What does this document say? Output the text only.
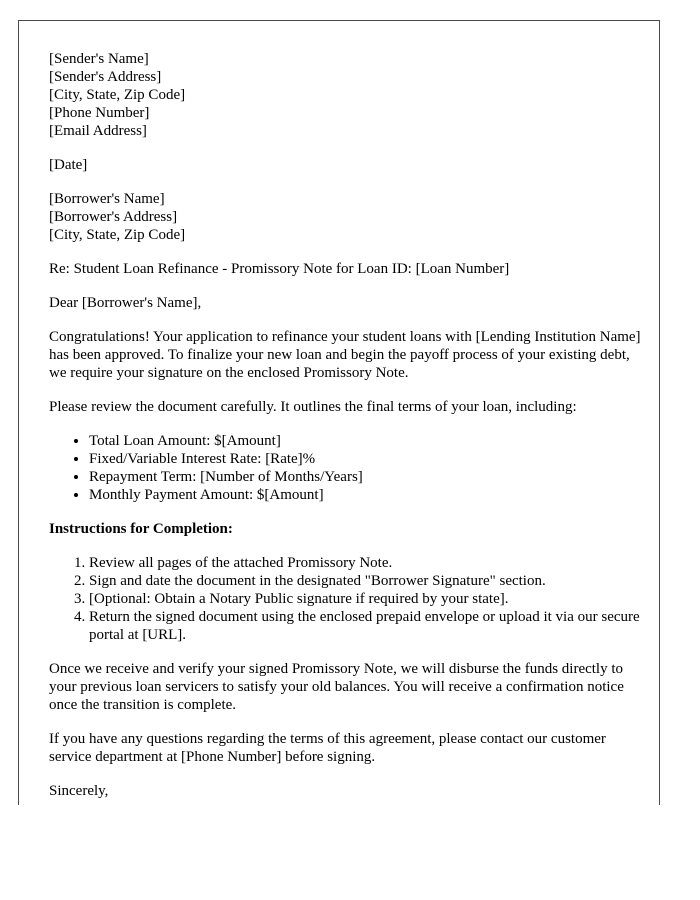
[Sender's Name]
[Sender's Address]
[City, State, Zip Code]
[Phone Number]
[Email Address]

[Date]

[Borrower's Name]
[Borrower's Address]
[City, State, Zip Code]

Re: Student Loan Refinance - Promissory Note for Loan ID: [Loan Number]

Dear [Borrower's Name],

Congratulations! Your application to refinance your student loans with [Lending Institution Name] has been approved. To finalize your new loan and begin the payoff process of your existing debt, we require your signature on the enclosed Promissory Note.

Please review the document carefully. It outlines the final terms of your loan, including:

• Total Loan Amount: $[Amount]
• Fixed/Variable Interest Rate: [Rate]%
• Repayment Term: [Number of Months/Years]
• Monthly Payment Amount: $[Amount]
Instructions for Completion:
1. Review all pages of the attached Promissory Note.
2. Sign and date the document in the designated "Borrower Signature" section.
3. [Optional: Obtain a Notary Public signature if required by your state].
4. Return the signed document using the enclosed prepaid envelope or upload it via our secure portal at [URL].

Once we receive and verify your signed Promissory Note, we will disburse the funds directly to your previous loan servicers to satisfy your old balances. You will receive a confirmation notice once the transition is complete.

If you have any questions regarding the terms of this agreement, please contact our customer service department at [Phone Number] before signing.

Sincerely,
